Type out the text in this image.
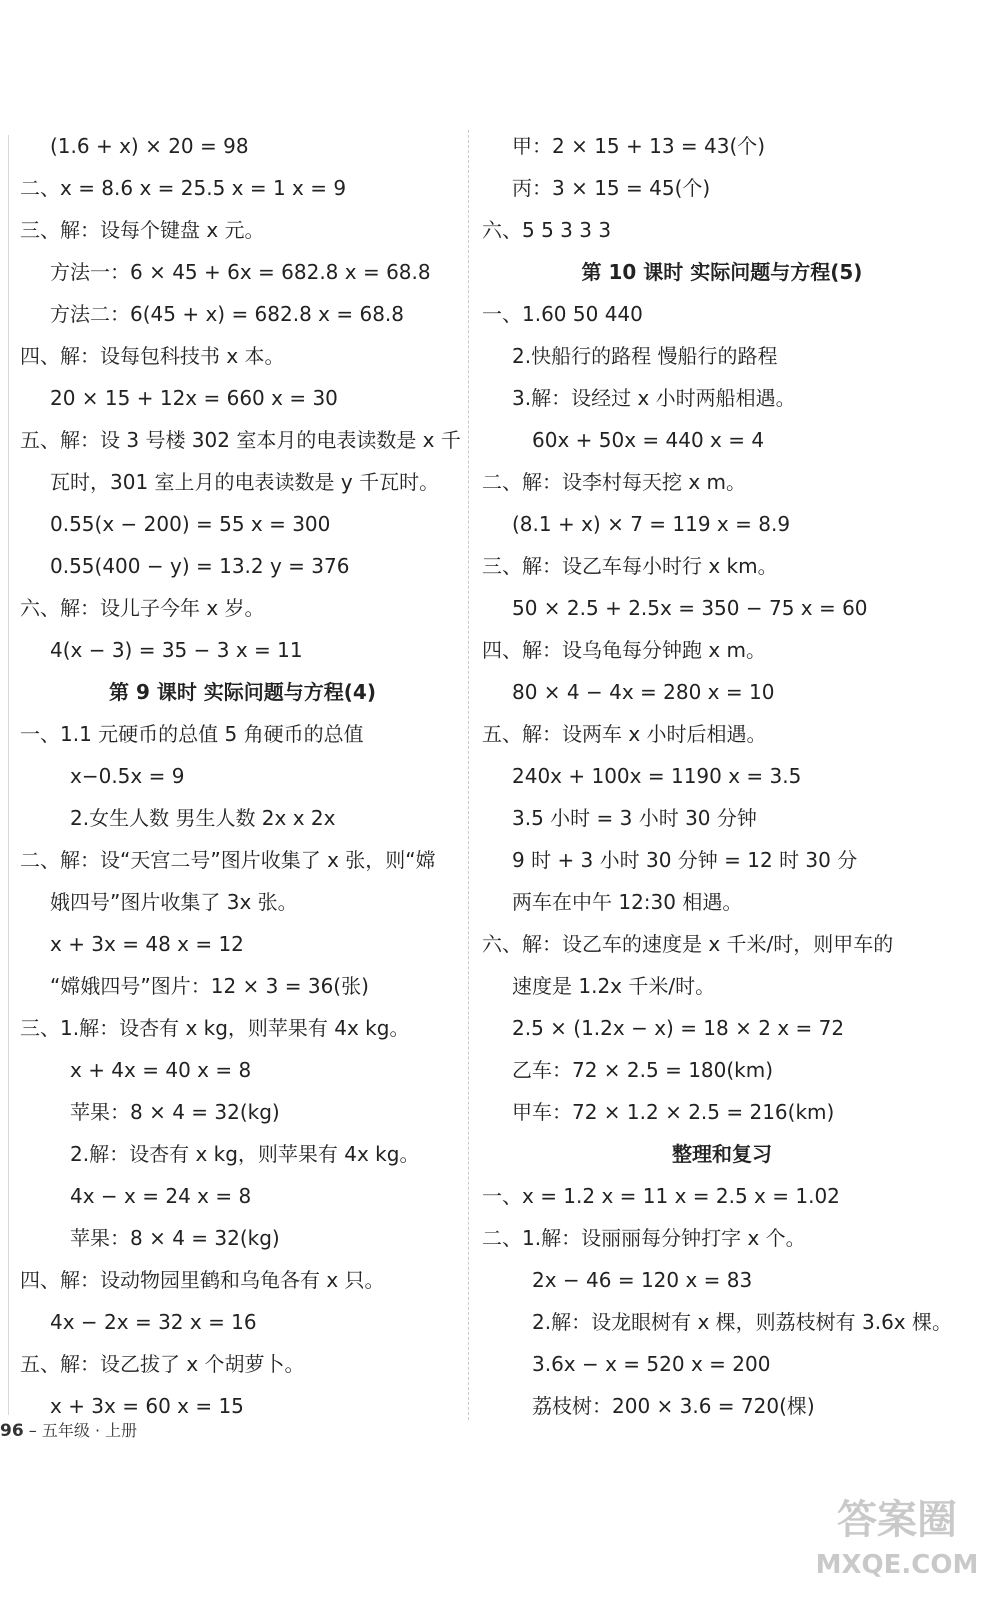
(1.6 + x) × 20 = 98
二、x = 8.6 x = 25.5 x = 1 x = 9
三、解：设每个键盘 x 元。
方法一：6 × 45 + 6x = 682.8 x = 68.8
方法二：6(45 + x) = 682.8 x = 68.8
四、解：设每包科技书 x 本。
20 × 15 + 12x = 660 x = 30
五、解：设 3 号楼 302 室本月的电表读数是 x 千
瓦时，301 室上月的电表读数是 y 千瓦时。
0.55(x − 200) = 55 x = 300
0.55(400 − y) = 13.2 y = 376
六、解：设儿子今年 x 岁。
4(x − 3) = 35 − 3 x = 11
第 9 课时 实际问题与方程(4)
一、1.1 元硬币的总值 5 角硬币的总值
x−0.5x = 9
2.女生人数 男生人数 2x x 2x
二、解：设“天宫二号”图片收集了 x 张，则“嫦
娥四号”图片收集了 3x 张。
x + 3x = 48 x = 12
“嫦娥四号”图片：12 × 3 = 36(张)
三、1.解：设杏有 x kg，则苹果有 4x kg。
x + 4x = 40 x = 8
苹果：8 × 4 = 32(kg)
2.解：设杏有 x kg，则苹果有 4x kg。
4x − x = 24 x = 8
苹果：8 × 4 = 32(kg)
四、解：设动物园里鹤和乌龟各有 x 只。
4x − 2x = 32 x = 16
五、解：设乙拔了 x 个胡萝卜。
x + 3x = 60 x = 15
甲：2 × 15 + 13 = 43(个)
丙：3 × 15 = 45(个)
六、5 5 3 3 3
第 10 课时 实际问题与方程(5)
一、1.60 50 440
2.快船行的路程 慢船行的路程
3.解：设经过 x 小时两船相遇。
60x + 50x = 440 x = 4
二、解：设李村每天挖 x m。
(8.1 + x) × 7 = 119 x = 8.9
三、解：设乙车每小时行 x km。
50 × 2.5 + 2.5x = 350 − 75 x = 60
四、解：设乌龟每分钟跑 x m。
80 × 4 − 4x = 280 x = 10
五、解：设两车 x 小时后相遇。
240x + 100x = 1190 x = 3.5
3.5 小时 = 3 小时 30 分钟
9 时 + 3 小时 30 分钟 = 12 时 30 分
两车在中午 12:30 相遇。
六、解：设乙车的速度是 x 千米/时，则甲车的
速度是 1.2x 千米/时。
2.5 × (1.2x − x) = 18 × 2 x = 72
乙车：72 × 2.5 = 180(km)
甲车：72 × 1.2 × 2.5 = 216(km)
整理和复习
一、x = 1.2 x = 11 x = 2.5 x = 1.02
二、1.解：设丽丽每分钟打字 x 个。
2x − 46 = 120 x = 83
2.解：设龙眼树有 x 棵，则荔枝树有 3.6x 棵。
3.6x − x = 520 x = 200
荔枝树：200 × 3.6 = 720(棵)
96 – 五年级 · 上册
答案圈
MXQE.COM
